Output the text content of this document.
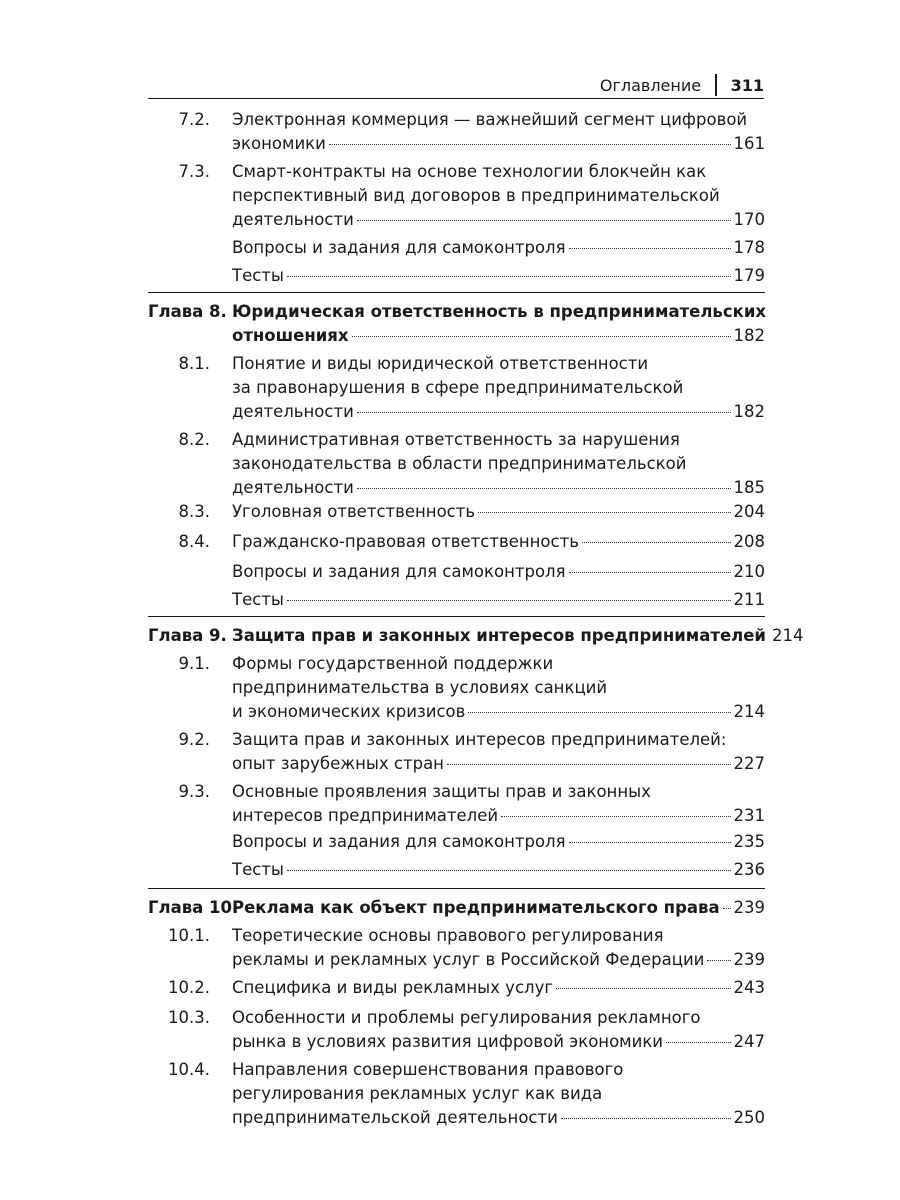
Оглавление 311
7.2. Электронная коммерция — важнейший сегмент цифровой
экономики	161
7.3. Смарт-контракты на основе технологии блокчейн как
перспективный вид договоров в предпринимательской
деятельности	170
Вопросы и задания для самоконтроля	178
Тесты	179
Глава 8. Юридическая ответственность в предпринимательских
отношениях	182
8.1. Понятие и виды юридической ответственности
за правонарушения в сфере предпринимательской
деятельности	182
8.2. Административная ответственность за нарушения
законодательства в области предпринимательской
деятельности	185
8.3. Уголовная ответственность	204
8.4. Гражданско-правовая ответственность	208
Вопросы и задания для самоконтроля	210
Тесты	211
Глава 9. Защита прав и законных интересов предпринимателей 214
9.1. Формы государственной поддержки
предпринимательства в условиях санкций
и экономических кризисов	214
9.2. Защита прав и законных интересов предпринимателей:
опыт зарубежных стран	227
9.3. Основные проявления защиты прав и законных
интересов предпринимателей	231
Вопросы и задания для самоконтроля	235
Тесты	236
Глава 10.
Реклама как объект предпринимательского права 239
10.1. Теоретические основы правового регулирования
рекламы и рекламных услуг в Российской Федерации 239
10.2. Специфика и виды рекламных услуг	243
10.3. Особенности и проблемы регулирования рекламного
рынка в условиях развития цифровой экономики	247
10.4. Направления совершенствования правового
регулирования рекламных услуг как вида
предпринимательской деятельности	250
